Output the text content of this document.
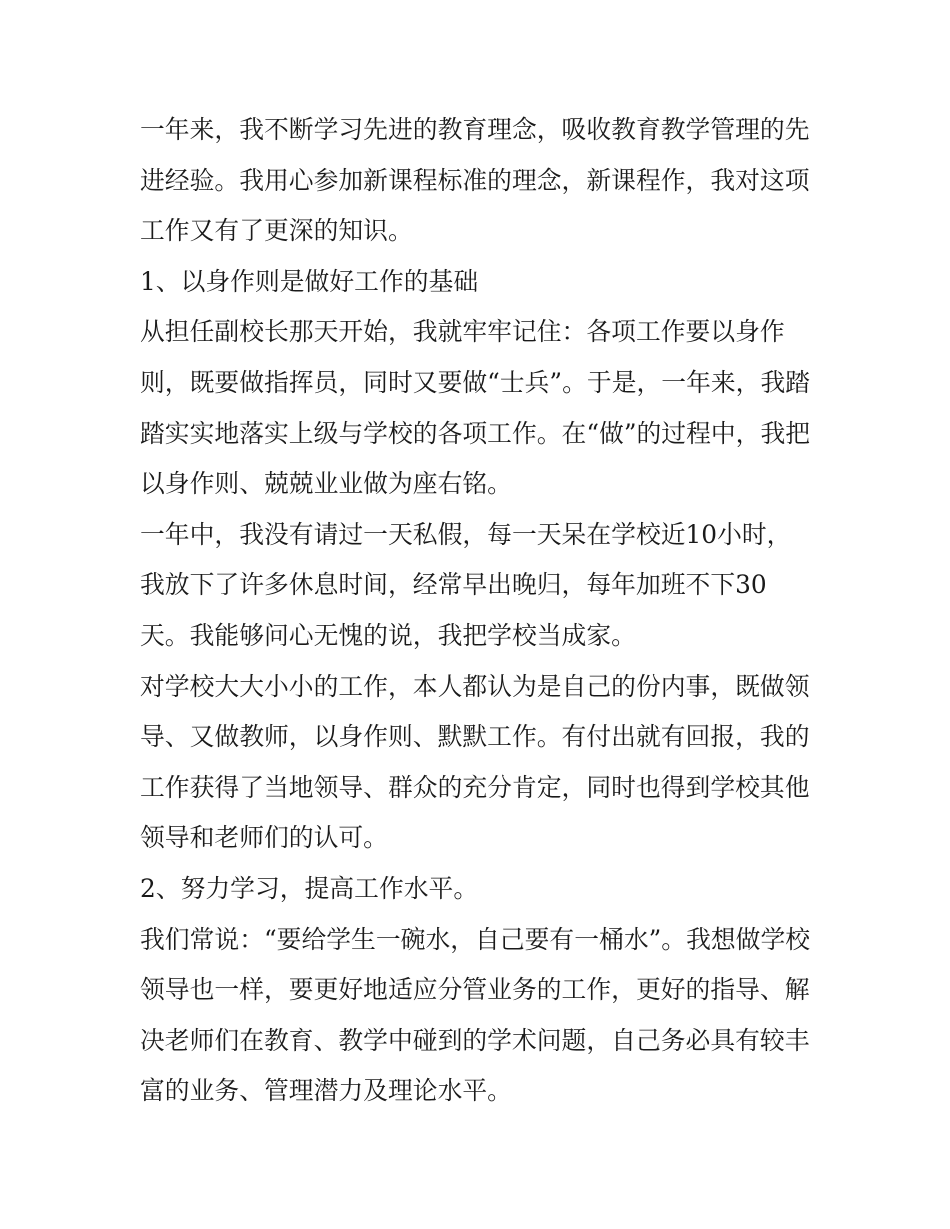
一年来，我不断学习先进的教育理念，吸收教育教学管理的先
进经验。我用心参加新课程标准的理念，新课程作，我对这项
工作又有了更深的知识。
1、以身作则是做好工作的基础
从担任副校长那天开始，我就牢牢记住：各项工作要以身作
则，既要做指挥员，同时又要做“士兵”。于是，一年来，我踏
踏实实地落实上级与学校的各项工作。在“做”的过程中，我把
以身作则、兢兢业业做为座右铭。
一年中，我没有请过一天私假，每一天呆在学校近10小时，
我放下了许多休息时间，经常早出晚归，每年加班不下30
天。我能够问心无愧的说，我把学校当成家。
对学校大大小小的工作，本人都认为是自己的份内事，既做领
导、又做教师，以身作则、默默工作。有付出就有回报，我的
工作获得了当地领导、群众的充分肯定，同时也得到学校其他
领导和老师们的认可。
2、努力学习，提高工作水平。
我们常说：“要给学生一碗水，自己要有一桶水”。我想做学校
领导也一样，要更好地适应分管业务的工作，更好的指导、解
决老师们在教育、教学中碰到的学术问题，自己务必具有较丰
富的业务、管理潜力及理论水平。
